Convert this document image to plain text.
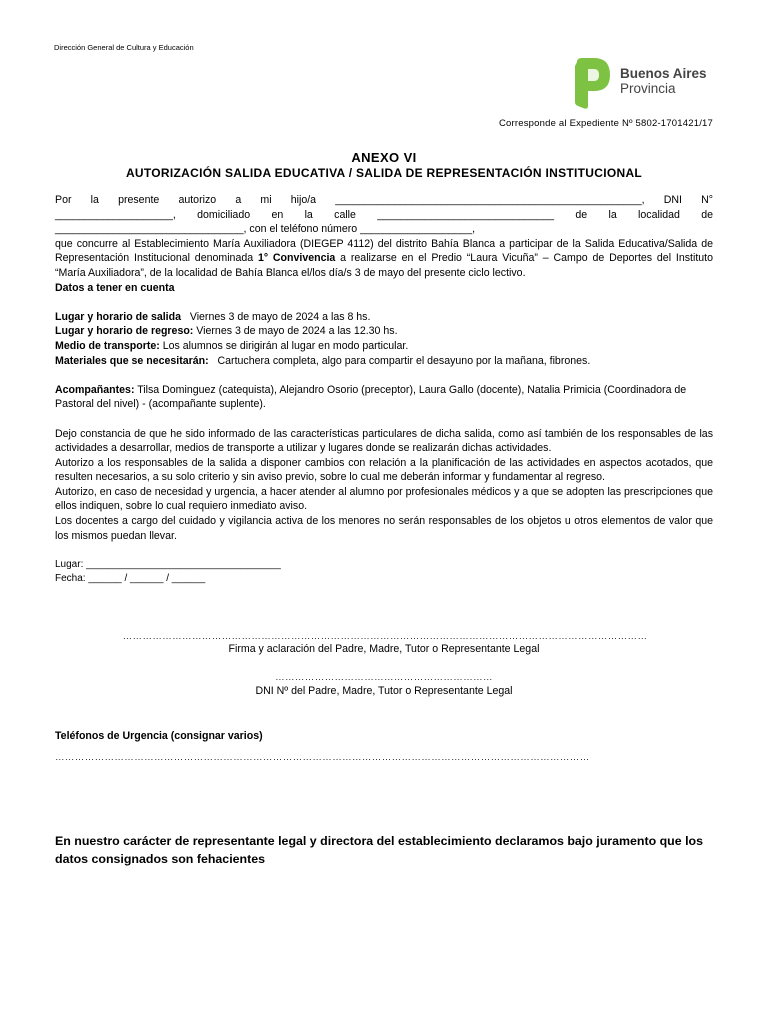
Dirección General de Cultura y Educación
Buenos Aires
Provincia
Corresponde al Expediente Nº 5802-1701421/17
ANEXO VI
AUTORIZACIÓN SALIDA EDUCATIVA / SALIDA DE REPRESENTACIÓN INSTITUCIONAL

Por la presente autorizo a mi hijo/a ____________________________________________________, DNI N°

____________________, domiciliado en la calle ______________________________ de la localidad de

________________________________, con el teléfono número ___________________,

que concurre al Establecimiento María Auxiliadora (DIEGEP 4112) del distrito Bahía Blanca a participar de la Salida Educativa/Salida de Representación Institucional denominada 1° Convivencia a realizarse en el Predio “Laura Vicuña” – Campo de Deportes del Instituto “María Auxiliadora”, de la localidad de Bahía Blanca el/los día/s 3 de mayo del presente ciclo lectivo.

Datos a tener en cuenta

Lugar y horario de salida   Viernes 3 de mayo de 2024 a las 8 hs.

Lugar y horario de regreso: Viernes 3 de mayo de 2024 a las 12.30 hs.

Medio de transporte: Los alumnos se dirigirán al lugar en modo particular.

Materiales que se necesitarán:   Cartuchera completa, algo para compartir el desayuno por la mañana, fibrones.

Acompañantes: Tilsa Dominguez (catequista), Alejandro Osorio (preceptor), Laura Gallo (docente), Natalia Primicia (Coordinadora de Pastoral del nivel) - (acompañante suplente).

Dejo constancia de que he sido informado de las características particulares de dicha salida, como así también de los responsables de las actividades a desarrollar, medios de transporte a utilizar y lugares donde se realizarán dichas actividades.

Autorizo a los responsables de la salida a disponer cambios con relación a la planificación de las actividades en aspectos acotados, que resulten necesarios, a su solo criterio y sin aviso previo, sobre lo cual me deberán informar y fundamentar al regreso.

Autorizo, en caso de necesidad y urgencia, a hacer atender al alumno por profesionales médicos y a que se adopten las prescripciones que ellos indiquen, sobre lo cual requiero inmediato aviso.

Los docentes a cargo del cuidado y vigilancia activa de los menores no serán responsables de los objetos u otros elementos de valor que los mismos puedan llevar.

Lugar: ___________________________________

Fecha: ______ / ______ / ______

……………………………………………………………………………………………………………………………………………
Firma y aclaración del Padre, Madre, Tutor o Representante Legal
…………………………………………………………
DNI Nº del Padre, Madre, Tutor o Representante Legal
Teléfonos de Urgencia (consignar varios)
………………………………………………………………………………………………………………………………………………
En nuestro carácter de representante legal y directora del establecimiento declaramos bajo juramento que los datos consignados son fehacientes
